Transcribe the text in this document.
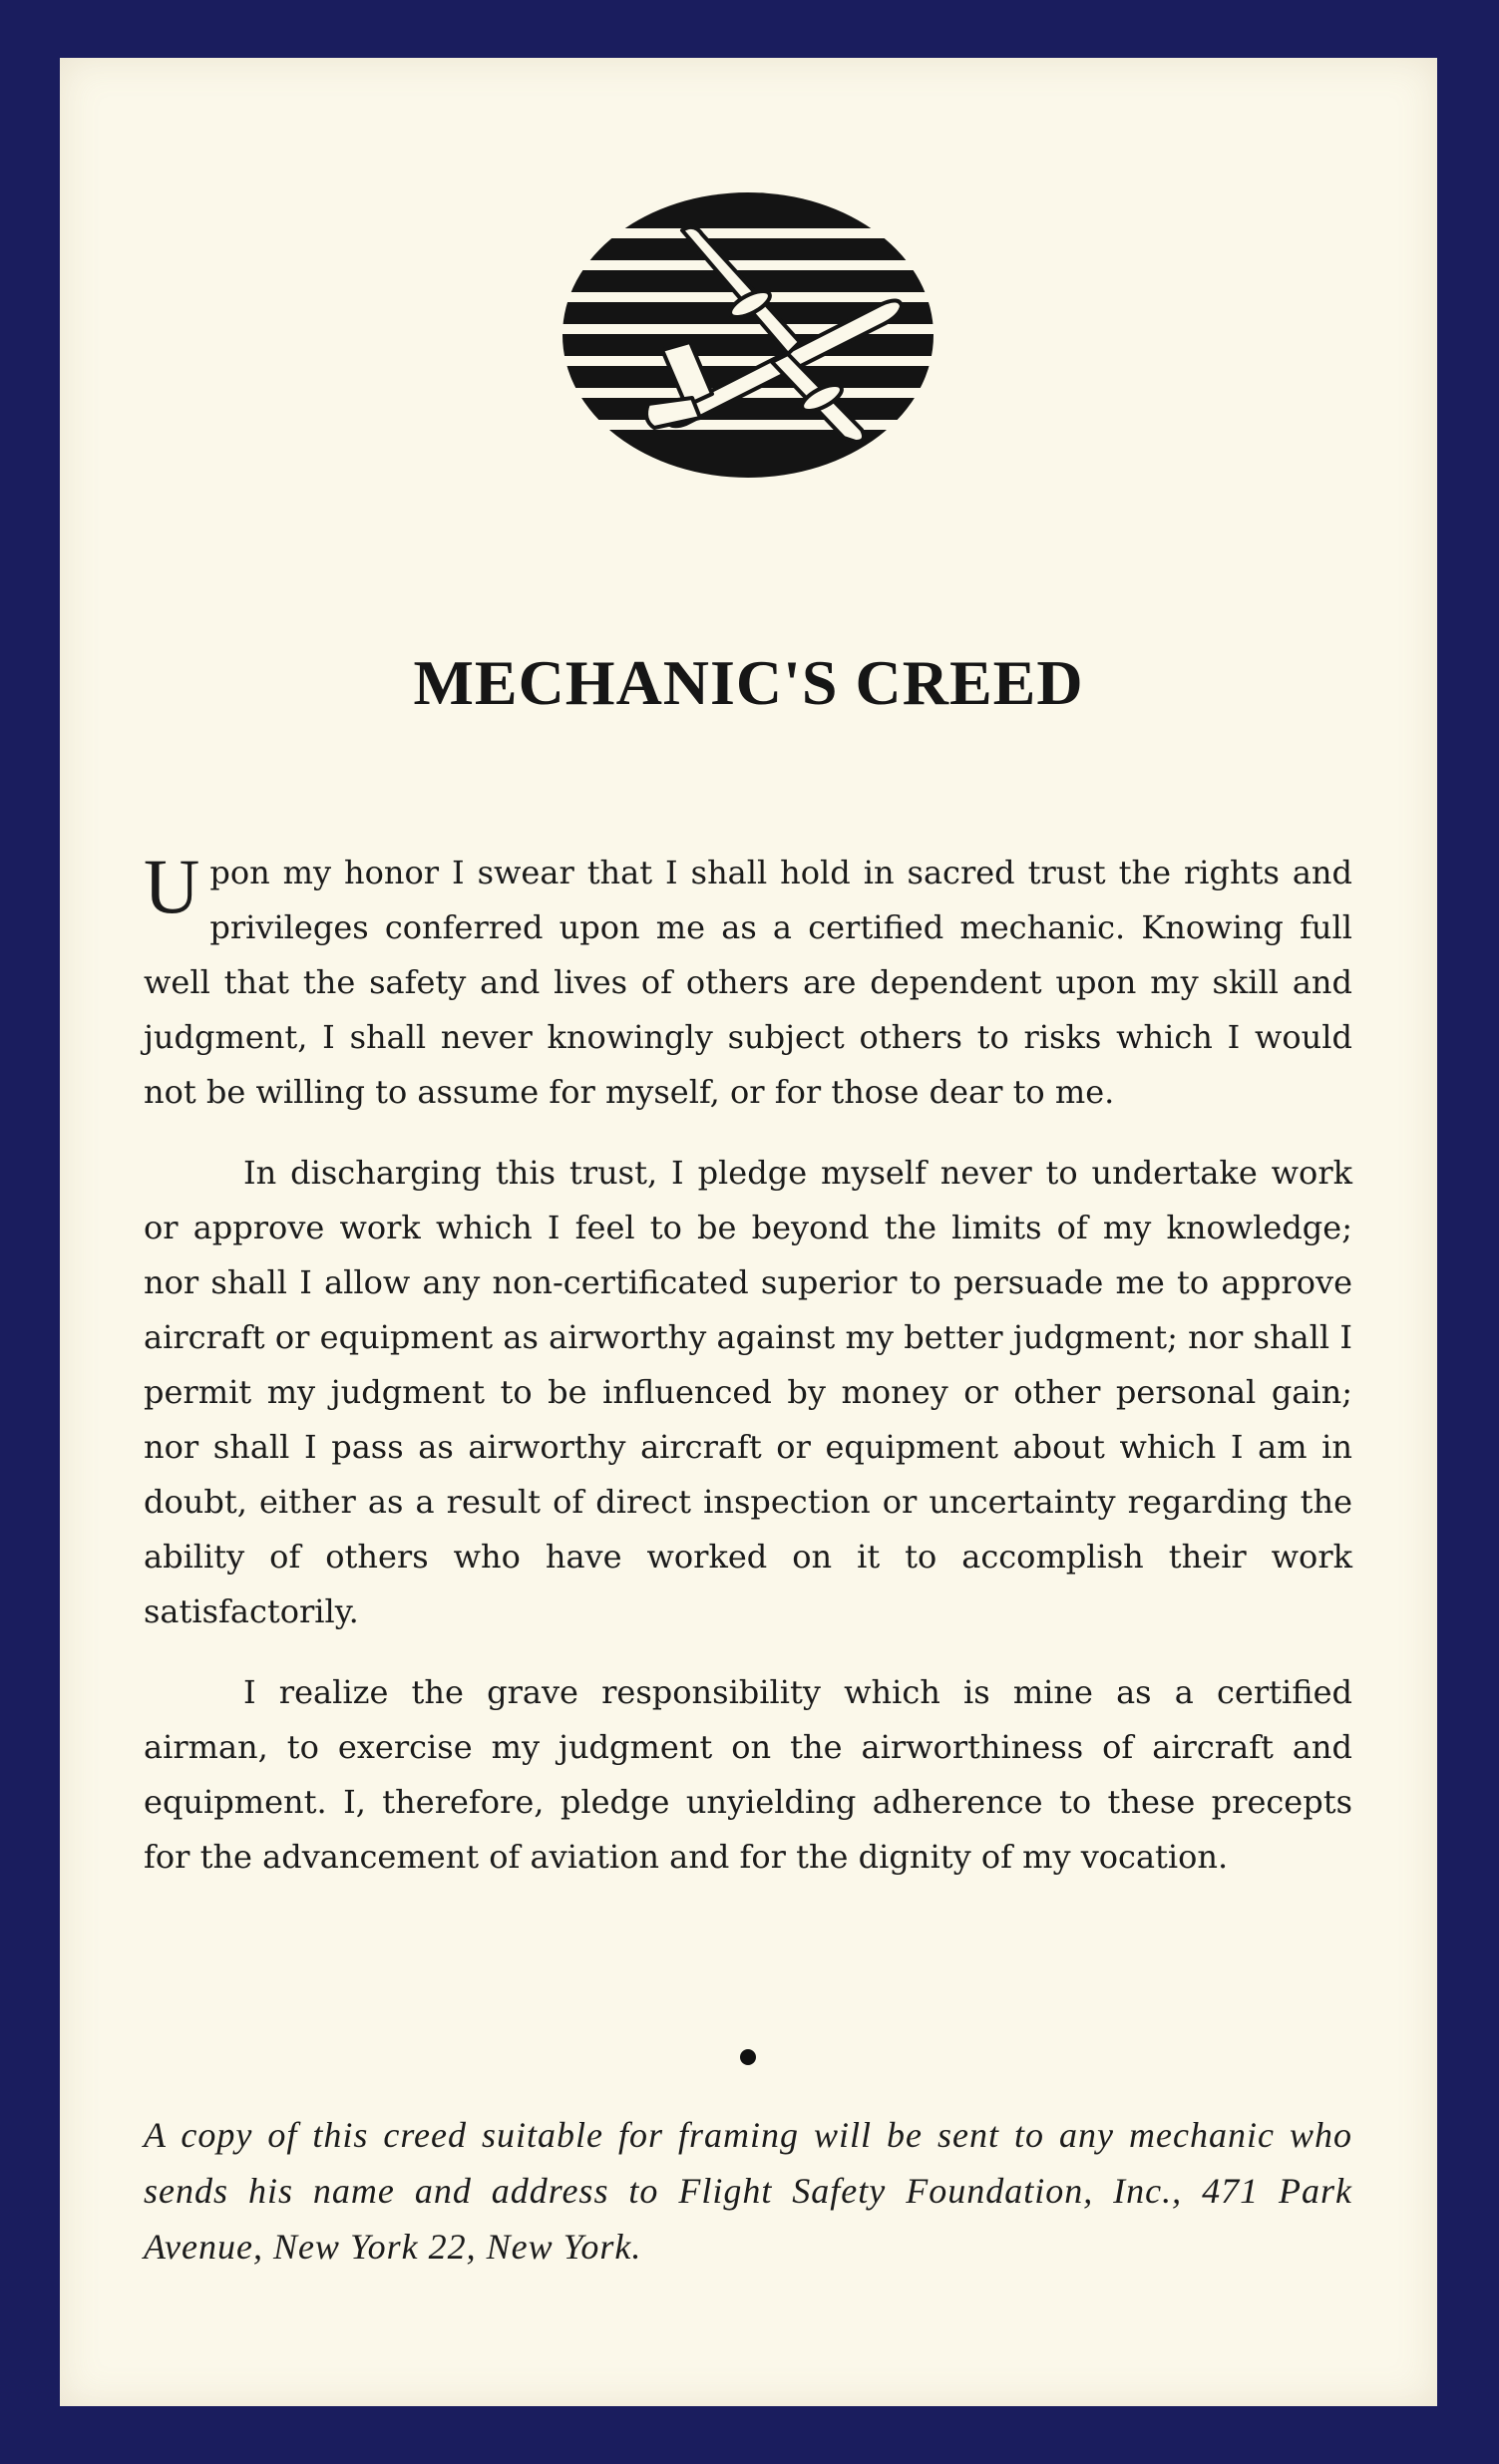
MECHANIC'S CREED

Upon my honor I swear that I shall hold in sacred trust the rights and privileges conferred upon me as a certified mechanic. Knowing full well that the safety and lives of others are dependent upon my skill and judgment, I shall never knowingly subject others to risks which I would not be willing to assume for myself, or for those dear to me.

In discharging this trust, I pledge myself never to undertake work or approve work which I feel to be beyond the limits of my knowledge; nor shall I allow any non-certificated superior to persuade me to approve aircraft or equipment as airworthy against my better judgment; nor shall I permit my judgment to be influenced by money or other personal gain; nor shall I pass as airworthy aircraft or equipment about which I am in doubt, either as a result of direct inspection or uncertainty regarding the ability of others who have worked on it to accomplish their work satisfactorily.

I realize the grave responsibility which is mine as a certified airman, to exercise my judgment on the airworthiness of aircraft and equipment. I, therefore, pledge unyielding adherence to these precepts for the advancement of aviation and for the dignity of my vocation.

A copy of this creed suitable for framing will be sent to any mechanic who sends his name and address to Flight Safety Foundation, Inc., 471 Park Avenue, New York 22, New York.
